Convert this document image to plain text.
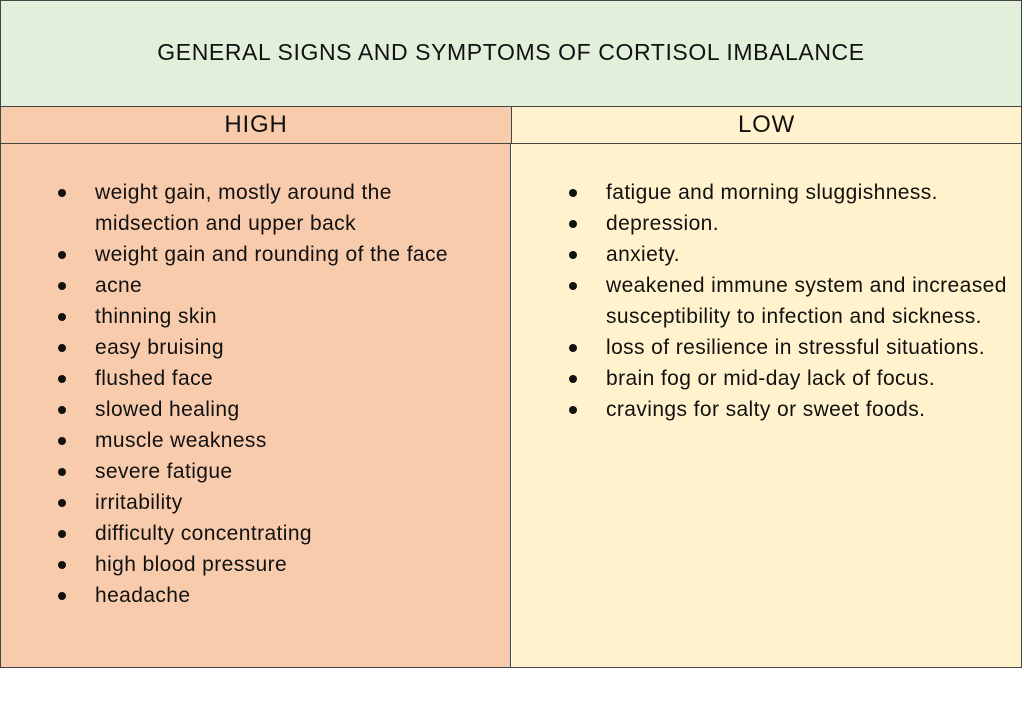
GENERAL SIGNS AND SYMPTOMS OF CORTISOL IMBALANCE
HIGH	LOW
weight gain, mostly around the midsection and upper back
weight gain and rounding of the face
acne
thinning skin
easy bruising
flushed face
slowed healing
muscle weakness
severe fatigue
irritability
difficulty concentrating
high blood pressure
headache
fatigue and morning sluggishness.
depression.
anxiety.
weakened immune system and increased susceptibility to infection and sickness.
loss of resilience in stressful situations.
brain fog or mid-day lack of focus.
cravings for salty or sweet foods.
